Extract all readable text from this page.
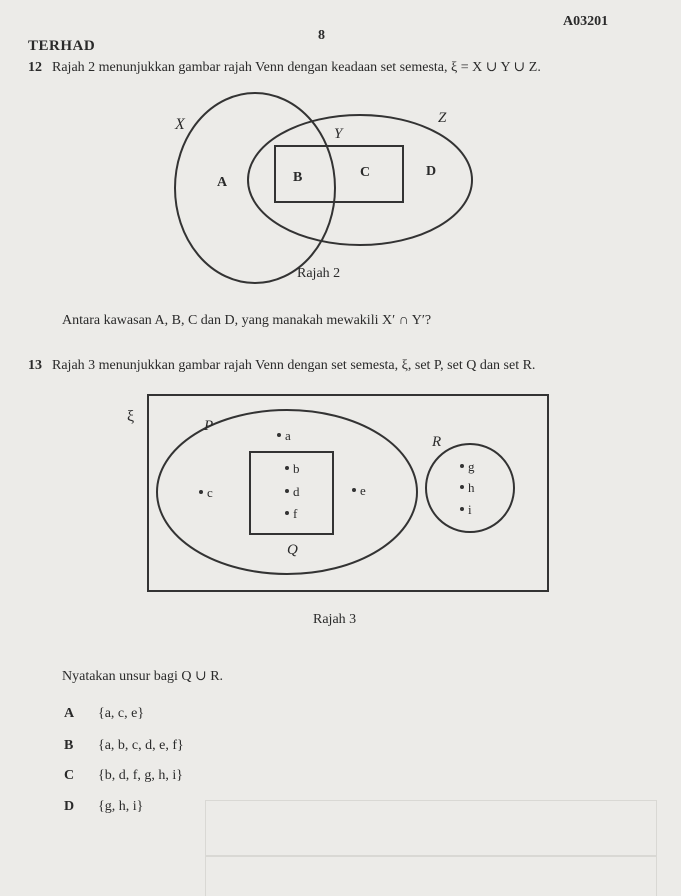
TERHAD
8
A03201
12 Rajah 2 menunjukkan gambar rajah Venn dengan keadaan set semesta, ξ = X ∪ Y ∪ Z.
X
Y
Z
A	B	C	D
ξ
P
Q
R
a
b
c	d	e
f
g
h
i
Rajah 2
Antara kawasan A, B, C dan D, yang manakah mewakili X′ ∩ Y′?
13 Rajah 3 menunjukkan gambar rajah Venn dengan set semesta, ξ, set P, set Q dan set R.
Rajah 3
Nyatakan unsur bagi Q ∪ R.
A {a, c, e}
B {a, b, c, d, e, f}
C {b, d, f, g, h, i}
D {g, h, i}
